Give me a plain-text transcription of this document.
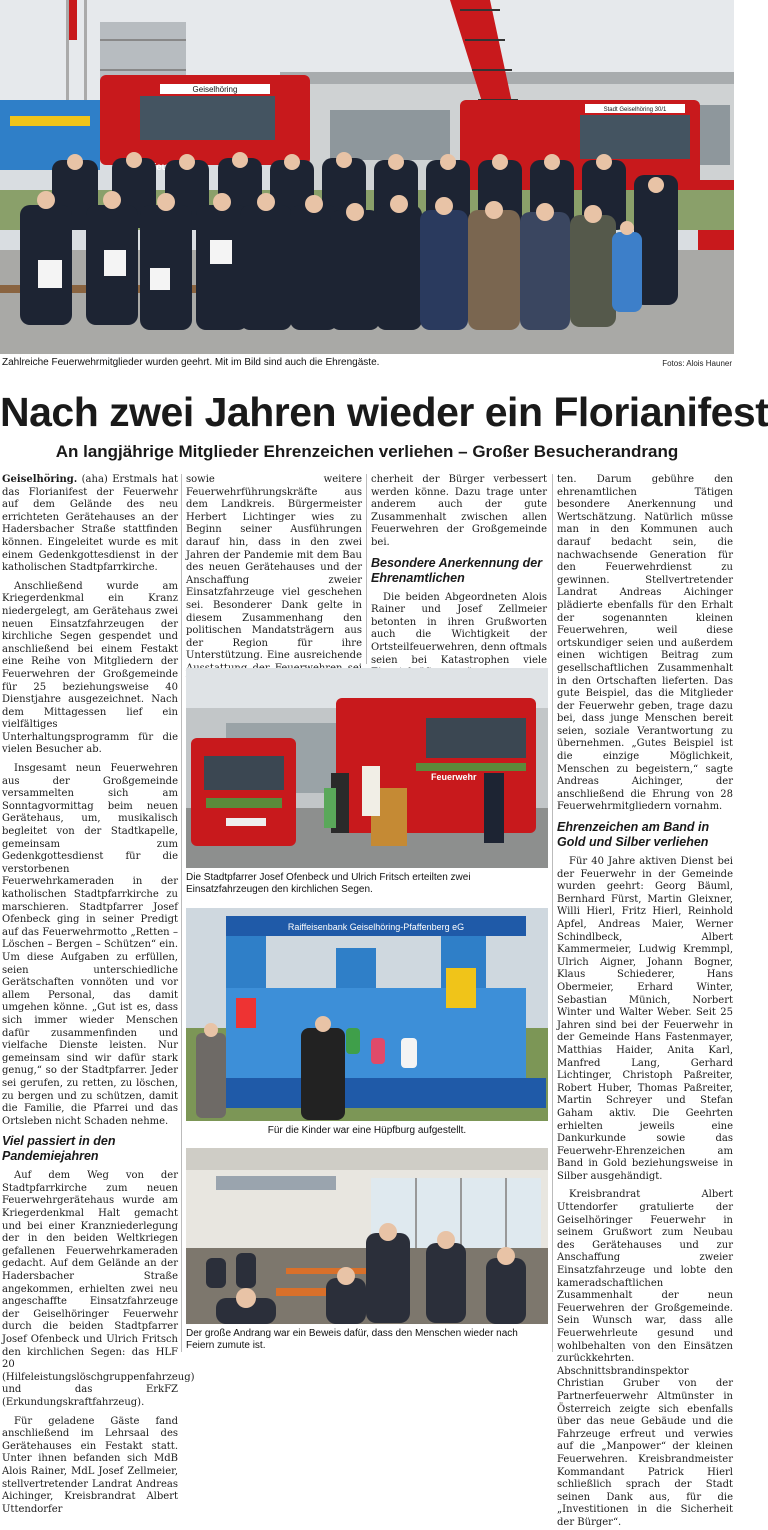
Geiselhöring
Stadt Geiselhöring 30/1
Zahlreiche Feuerwehrmitglieder wurden geehrt. Mit im Bild sind auch die Ehrengäste.	Fotos: Alois Hauner
Nach zwei Jahren wieder ein Florianifest
An langjährige Mitglieder Ehrenzeichen verliehen – Großer Besucherandrang

Geiselhöring. (aha) Erstmals hat das Florianifest der Feuerwehr auf dem Gelände des neu errichteten Gerätehauses an der Hadersbacher Straße stattfinden können. Eingeleitet wurde es mit einem Gedenkgottesdienst in der katholischen Stadtpfarrkirche.

Anschließend wurde am Kriegerdenkmal ein Kranz niedergelegt, am Gerätehaus zwei neuen Einsatzfahrzeugen der kirchliche Segen gespendet und anschließend bei einem Festakt eine Reihe von Mitgliedern der Feuerwehren der Großgemeinde für 25 beziehungsweise 40 Dienstjahre ausgezeichnet. Nach dem Mittagessen lief ein vielfältiges Unterhaltungsprogramm für die vielen Besucher ab.

Insgesamt neun Feuerwehren aus der Großgemeinde versammelten sich am Sonntagvormittag beim neuen Gerätehaus, um, musikalisch begleitet von der Stadtkapelle, gemeinsam zum Gedenkgottesdienst für die verstorbenen Feuerwehrkameraden in der katholischen Stadtpfarrkirche zu marschieren. Stadtpfarrer Josef Ofenbeck ging in seiner Predigt auf das Feuerwehrmotto „Retten – Löschen – Bergen – Schützen“ ein. Um diese Aufgaben zu erfüllen, seien unterschiedliche Gerätschaften vonnöten und vor allem Personal, das damit umgehen könne. „Gut ist es, dass sich immer wieder Menschen dafür zusammenfinden und vielfache Dienste leisten. Nur gemeinsam sind wir dafür stark genug,“ so der Stadtpfarrer. Jeder sei gerufen, zu retten, zu löschen, zu bergen und zu schützen, damit die Familie, die Pfarrei und das Ortsleben nicht Schaden nehme.

Viel passiert in den Pandemiejahren

Auf dem Weg von der Stadtpfarrkirche zum neuen Feuerwehrgerätehaus wurde am Kriegerdenkmal Halt gemacht und bei einer Kranzniederlegung der in den beiden Weltkriegen gefallenen Feuerwehrkameraden gedacht. Auf dem Gelände an der Hadersbacher Straße angekommen, erhielten zwei neu angeschaffte Einsatzfahrzeuge der Geiselhöringer Feuerwehr durch die beiden Stadtpfarrer Josef Ofenbeck und Ulrich Fritsch den kirchlichen Segen: das HLF 20 (Hilfeleistungslöschgruppenfahrzeug) und das ErkFZ (Erkundungskraftfahrzeug).

Für geladene Gäste fand anschließend im Lehrsaal des Gerätehauses ein Festakt statt. Unter ihnen befanden sich MdB Alois Rainer, MdL Josef Zellmeier, stellvertretender Landrat Andreas Aichinger, Kreisbrandrat Albert Uttendorfer

sowie weitere Feuerwehrführungskräfte aus dem Landkreis. Bürgermeister Herbert Lichtinger wies zu Beginn seiner Ausführungen darauf hin, dass in den zwei Jahren der Pandemie mit dem Bau des neuen Gerätehauses und der Anschaffung zweier Einsatzfahrzeuge viel geschehen sei. Besonderer Dank gelte in diesem Zusammenhang den politischen Mandatsträgern aus der Region für ihre Unterstützung. Eine ausreichende

cherheit der Bürger verbessert werden könne. Dazu trage unter anderem auch der gute Zusammenhalt zwischen allen Feuerwehren der Großgemeinde bei.

Besondere Anerkennung der Ehrenamtlichen

Die beiden Abgeordneten Alois Rainer und Josef Zellmeier betonten in ihren Grußworten auch die Wichtigkeit der Ortsteilfeuerwehren, denn oftmals seien bei Katastrophen viele

ten. Darum gebühre den ehrenamtlichen Tätigen besondere Anerkennung und Wertschätzung. Natürlich müsse man in den Kommunen auch darauf bedacht sein, die nachwachsende Generation für den Feuerwehrdienst zu gewinnen. Stellvertretender Landrat Andreas Aichinger plädierte ebenfalls für den Erhalt der sogenannten kleinen Feuerwehren, weil diese ortskundiger seien und außerdem einen wichtigen Beitrag zum gesellschaftlichen Zusammenhalt in den Ortschaften lieferten. Das gute Beispiel, das die Mitglieder der Feuerwehr geben, trage dazu bei, dass junge Menschen bereit seien, soziale Verantwortung zu übernehmen. „Gutes Beispiel ist die einzige Möglichkeit, Menschen zu begeistern,“ sagte Andreas Aichinger, der anschließend die Ehrung von 28 Feuerwehrmitgliedern vornahm.

Ehrenzeichen am Band in Gold und Silber verliehen

Für 40 Jahre aktiven Dienst bei der Feuerwehr in der Gemeinde wurden geehrt: Georg Bäuml, Bernhard Fürst, Martin Gleixner, Willi Hierl, Fritz Hierl, Reinhold Apfel, Andreas Maier, Werner Schindlbeck, Albert Kammermeier, Ludwig Kremmpl, Ulrich Aigner, Johann Bogner, Klaus Schiederer, Hans Obermeier, Erhard Winter, Sebastian Münich, Norbert Winter und Walter Weber. Seit 25 Jahren sind bei der Feuerwehr in der Gemeinde Hans Fastenmayer, Matthias Haider, Anita Karl, Manfred Lang, Gerhard Lichtinger, Christoph Paßreiter, Robert Huber, Thomas Paßreiter, Martin Schreyer und Stefan Gaham aktiv. Die Geehrten erhielten jeweils eine Dankurkunde sowie das Feuerwehr-Ehrenzeichen am Band in Gold beziehungsweise in Silber ausgehändigt.

Kreisbrandrat Albert Uttendorfer gratulierte der Geiselhöringer Feuerwehr in seinem Grußwort zum Neubau des Gerätehauses und zur Anschaffung zweier Einsatzfahrzeuge und lobte den kameradschaftlichen Zusammenhalt der neun Feuerwehren der Großgemeinde. Sein Wunsch war, dass alle Feuerwehrleute gesund und wohlbehalten von den Einsätzen zurückkehrten. Abschnittsbrandinspektor Christian Gruber von der Partnerfeuerwehr Altmünster in Österreich zeigte sich ebenfalls über das neue Gebäude und die Fahrzeuge erfreut und verwies auf die „Manpower“ der kleinen Feuerwehren. Kreisbrandmeister Kommandant Patrick Hierl schließlich sprach der Stadt seinen Dank aus, für die „Investitionen in die Sicherheit der Bürger“.

Feuerwehr
Die Stadtpfarrer Josef Ofenbeck und Ulrich Fritsch erteilten zwei Einsatzfahrzeugen den kirchlichen Segen.
Raiffeisenbank Geiselhöring-Pfaffenberg eG
Für die Kinder war eine Hüpfburg aufgestellt.
Der große Andrang war ein Beweis dafür, dass den Menschen wieder nach Feiern zumute ist.
